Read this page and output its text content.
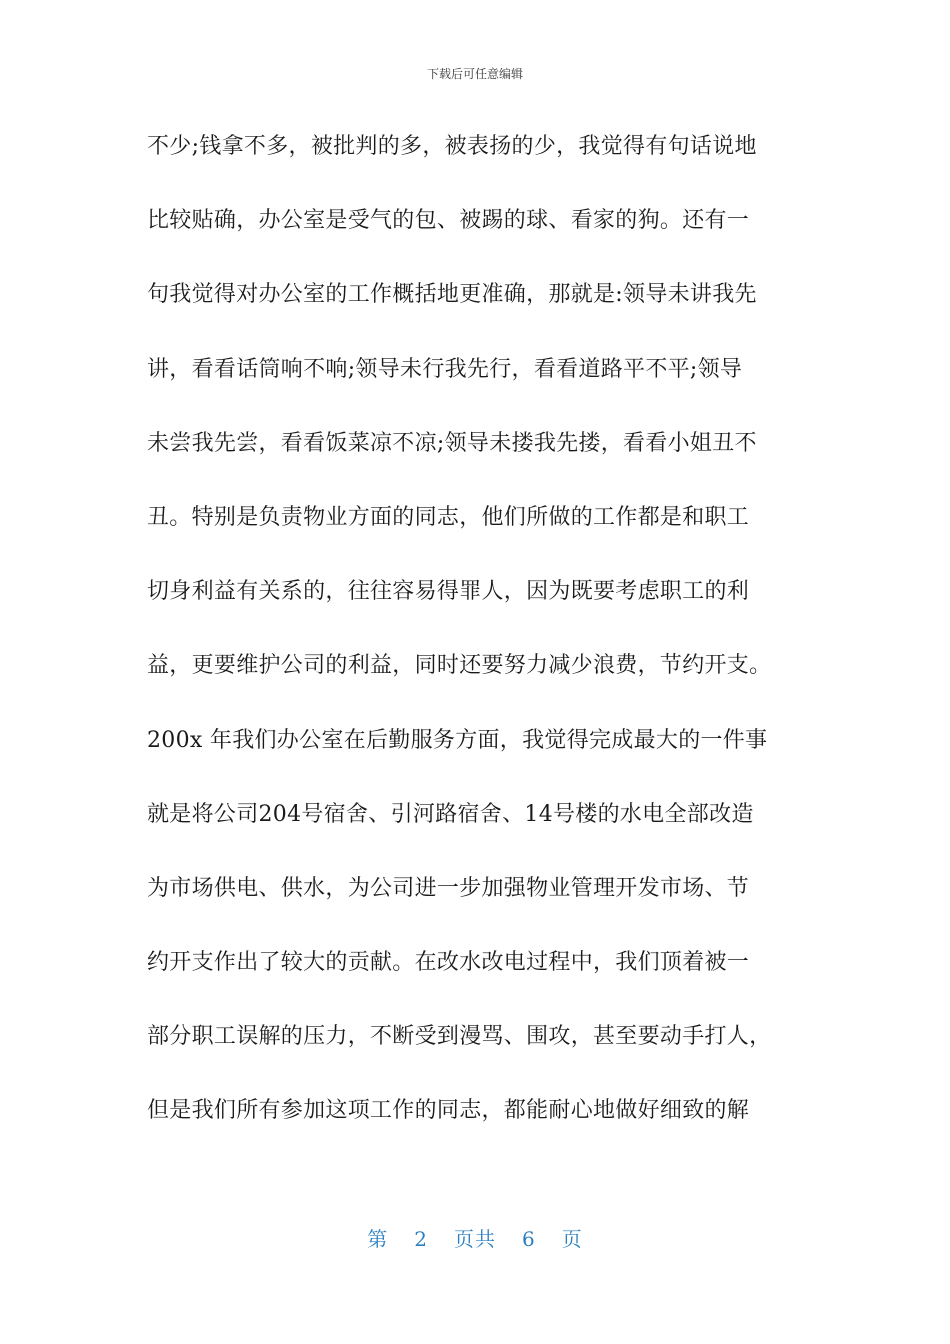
下载后可任意编辑
不少;钱拿不多，被批判的多，被表扬的少，我觉得有句话说地
比较贴确，办公室是受气的包、被踢的球、看家的狗。还有一
句我觉得对办公室的工作概括地更准确，那就是:领导未讲我先
讲，看看话筒响不响;领导未行我先行，看看道路平不平;领导
未尝我先尝，看看饭菜凉不凉;领导未搂我先搂，看看小姐丑不
丑。特别是负责物业方面的同志，他们所做的工作都是和职工
切身利益有关系的，往往容易得罪人，因为既要考虑职工的利
益，更要维护公司的利益，同时还要努力减少浪费，节约开支。
200x 年我们办公室在后勤服务方面，我觉得完成最大的一件事
就是将公司204号宿舍、引河路宿舍、14号楼的水电全部改造
为市场供电、供水，为公司进一步加强物业管理开发市场、节
约开支作出了较大的贡献。在改水改电过程中，我们顶着被一
部分职工误解的压力，不断受到漫骂、围攻，甚至要动手打人，
但是我们所有参加这项工作的同志，都能耐心地做好细致的解
第 2 页共 6 页
